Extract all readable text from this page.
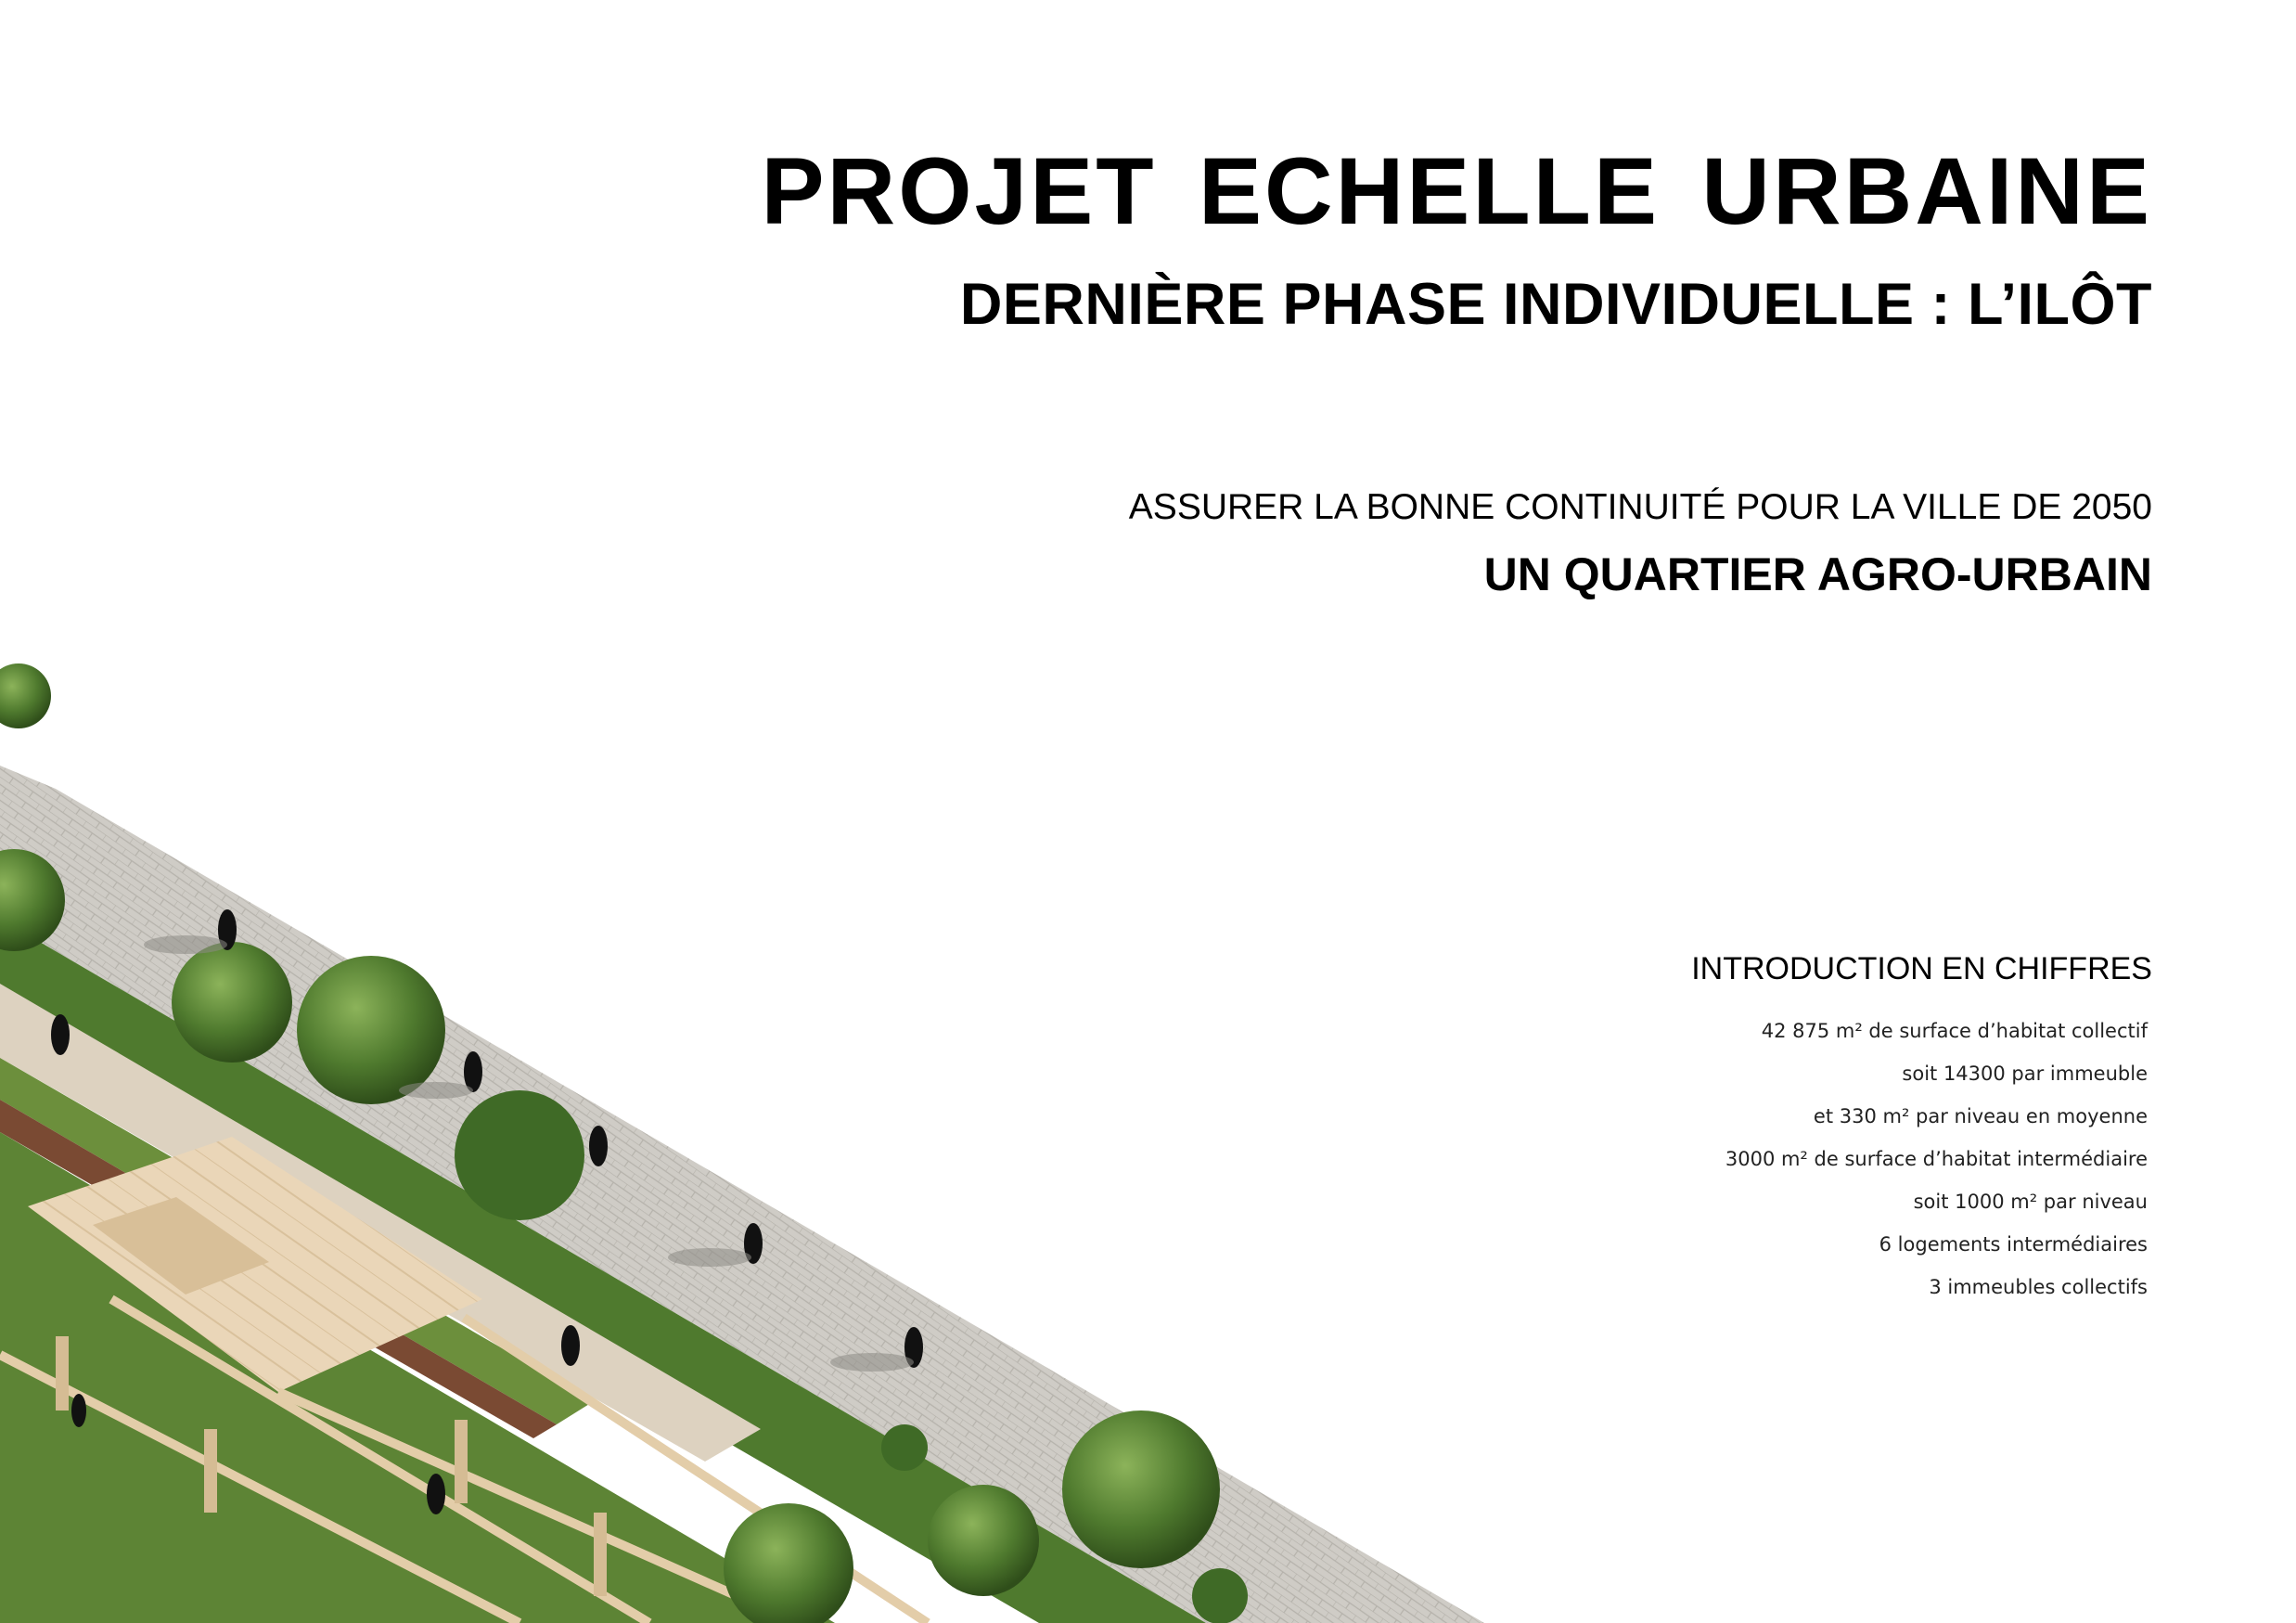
PROJET ECHELLE URBAINE
DERNIÈRE PHASE INDIVIDUELLE : L’ILÔT
ASSURER LA BONNE CONTINUITÉ POUR LA VILLE DE 2050
UN QUARTIER AGRO-URBAIN
INTRODUCTION EN CHIFFRES
42 875 m² de surface d’habitat collectif
soit 14300 par immeuble
et 330 m² par niveau en moyenne
3000 m² de surface d’habitat intermédiaire
soit 1000 m² par niveau
6 logements intermédiaires
3 immeubles collectifs
